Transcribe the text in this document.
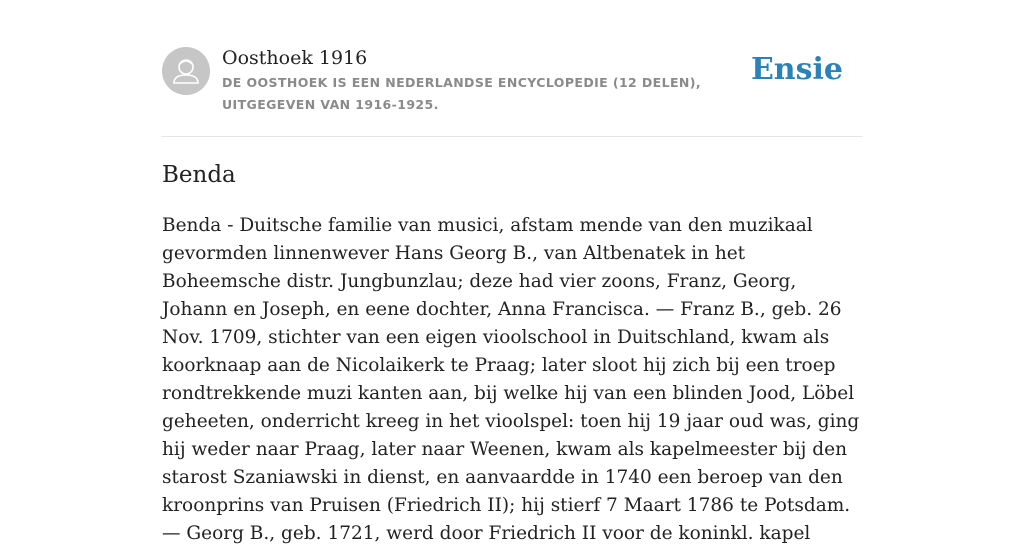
Oosthoek 1916
DE OOSTHOEK IS EEN NEDERLANDSE ENCYCLOPEDIE (12 DELEN), UITGEGEVEN VAN 1916-1925.
Ensie
Benda

Benda - Duitsche familie van musici, afstam mende van den muzikaal gevormden linnenwever Hans Georg B., van Altbenatek in het Boheemsche distr. Jungbunzlau; deze had vier zoons, Franz, Georg, Johann en Joseph, en eene dochter, Anna Francisca. — Franz B., geb. 26 Nov. 1709, stichter van een eigen vioolschool in Duitschland, kwam als koorknaap aan de Nicolaikerk te Praag; later sloot hij zich bij een troep rondtrekkende muzi kanten aan, bij welke hij van een blinden Jood, Löbel geheeten, onderricht kreeg in het vioolspel: toen hij 19 jaar oud was, ging hij weder naar Praag, later naar Weenen, kwam als kapelmeester bij den starost Szaniawski in dienst, en aanvaardde in 1740 een beroep van den kroonprins van Pruisen (Friedrich II); hij stierf 7 Maart 1786 te Potsdam. — Georg B., geb. 1721, werd door Friedrich II voor de koninkl. kapel
